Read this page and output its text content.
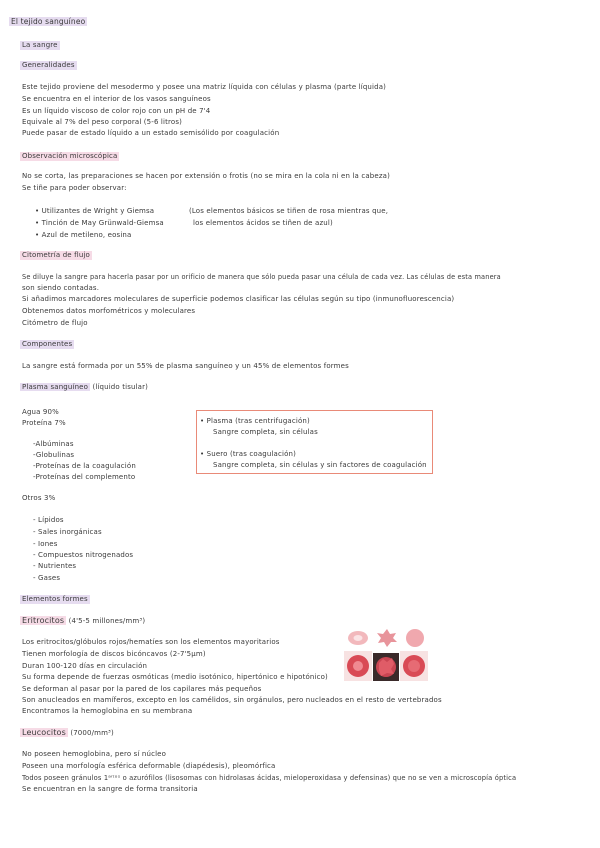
El tejido sanguíneo
La sangre
Generalidades
Este tejido proviene del mesodermo y posee una matriz líquida con células y plasma (parte líquida)
Se encuentra en el interior de los vasos sanguíneos
Es un líquido viscoso de color rojo con un pH de 7'4
Equivale al 7% del peso corporal (5-6 litros)
Puede pasar de estado líquido a un estado semisólido por coagulación
Observación microscópica
No se corta, las preparaciones se hacen por extensión o frotis (no se mira en la cola ni en la cabeza)
Se tiñe para poder observar:
• Utilizantes de Wright y Giemsa
• Tinción de May Grünwald-Giemsa
• Azul de metileno, eosina
(Los elementos básicos se tiñen de rosa mientras que,
los elementos ácidos se tiñen de azul)
Citometría de flujo
Se diluye la sangre para hacerla pasar por un orificio de manera que sólo pueda pasar una célula de cada vez. Las células de esta manera
son siendo contadas.
Si añadimos marcadores moleculares de superficie podemos clasificar las células según su tipo (inmunofluorescencia)
Obtenemos datos morfométricos y moleculares
Citómetro de flujo
Componentes
La sangre está formada por un 55% de plasma sanguíneo y un 45% de elementos formes
Plasma sanguíneo (líquido tisular)
Agua 90%
Proteína 7%
-Albúminas
-Globulinas
-Proteínas de la coagulación
-Proteínas del complemento
Otros 3%
- Lípidos
- Sales inorgánicas
- Iones
- Compuestos nitrogenados
- Nutrientes
- Gases
• Plasma (tras centrifugación)
Sangre completa, sin células
• Suero (tras coagulación)
Sangre completa, sin células y sin factores de coagulación
Elementos formes
Eritrocitos (4'5-5 millones/mm³)
Los eritrocitos/glóbulos rojos/hematíes son los elementos mayoritarios
Tienen morfología de discos bicóncavos (2-7'5μm)
Duran 100-120 días en circulación
Su forma depende de fuerzas osmóticas (medio isotónico, hipertónico e hipotónico)
Se deforman al pasar por la pared de los capilares más pequeños
Son anucleados en mamíferos, excepto en los camélidos, sin orgánulos, pero nucleados en el resto de vertebrados
Encontramos la hemoglobina en su membrana
Leucocitos (7000/mm³)
No poseen hemoglobina, pero sí núcleo
Poseen una morfología esférica deformable (diapédesis), pleomórfica
Todos poseen gránulos 1ᵃʳᶦᵒˢ o azurófilos (lisosomas con hidrolasas ácidas, mieloperoxidasa y defensinas) que no se ven a microscopía óptica
Se encuentran en la sangre de forma transitoria
